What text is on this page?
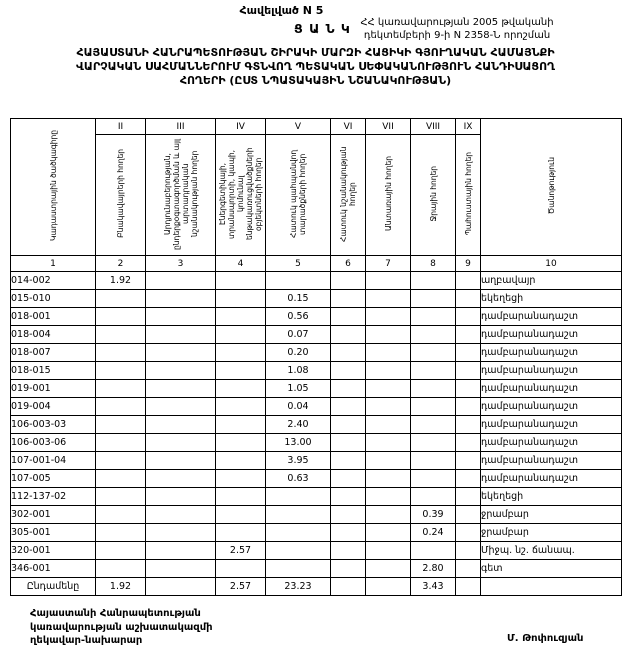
Հավելված N 5
ՀՀ կառավարության 2005 թվականի
դեկտեմբերի 9-ի N 2358-Ն որոշման
Ց Ա Ն Կ
ՀԱՅԱՍՏԱՆԻ ՀԱՆՐԱՊԵՏՈՒԹՅԱՆ ՇԻՐԱԿԻ ՄԱՐԶԻ ՀԱՑԻԿԻ ԳՅՈՒՂԱԿԱՆ ՀԱՄԱՅՆՔԻ
ՎԱՐՉԱԿԱՆ ՍԱՀՄԱՆՆԵՐՈՒՄ ԳՏՆՎՈՂ ՊԵՏԱԿԱՆ ՍԵՓԱԿԱՆՈՒԹՅՈՒՆ ՀԱՆԴԻՍԱՑՈՂ
ՀՈՂԵՐԻ (ԸՍՏ ՆՊԱՏԱԿԱՅԻՆ ՆՇԱՆԱԿՈՒԹՅԱՆ)
Կադաստրային ծածկագիրը	II	III	IV	V	VI	VII	VIII	IX	Ծանոթություն
	Բնակավայրերի հողեր	Արդյունաբերության, ընդերքօգտագործման և այլ արտադրական նշանակության հողեր	Էներգետիկայի, տրանսպորտի, կապի, կոմունալ ենթակառուցվածքների օբյեկտների հողեր	Հատուկ պահպանվող տարածքների հողեր	Հատուկ նշանակության հողեր	Անտառային հողեր	Ջրային հողեր	Պահուստային հողեր	
1	2	3	4	5	6	7	8	9	10
014-002	1.92								աղբավայր
015-010				0.15					եկեղեցի
018-001				0.56					դամբարանադաշտ
018-004				0.07					դամբարանադաշտ
018-007				0.20					դամբարանադաշտ
018-015				1.08					դամբարանադաշտ
019-001				1.05					դամբարանադաշտ
019-004				0.04					դամբարանադաշտ
106-003-03				2.40					դամբարանադաշտ
106-003-06				13.00					դամբարանադաշտ
107-001-04				3.95					դամբարանադաշտ
107-005				0.63					դամբարանադաշտ
112-137-02									եկեղեցի
302-001							0.39		ջրամբար
305-001							0.24		ջրամբար
320-001			2.57						Միջպ. նշ. ճանապ.
346-001							2.80		գետ
Ընդամենը	1.92		2.57	23.23			3.43		
Հայաստանի Հանրապետության
կառավարության աշխատակազմի
ղեկավար-նախարար	Մ. Թոփուզյան
